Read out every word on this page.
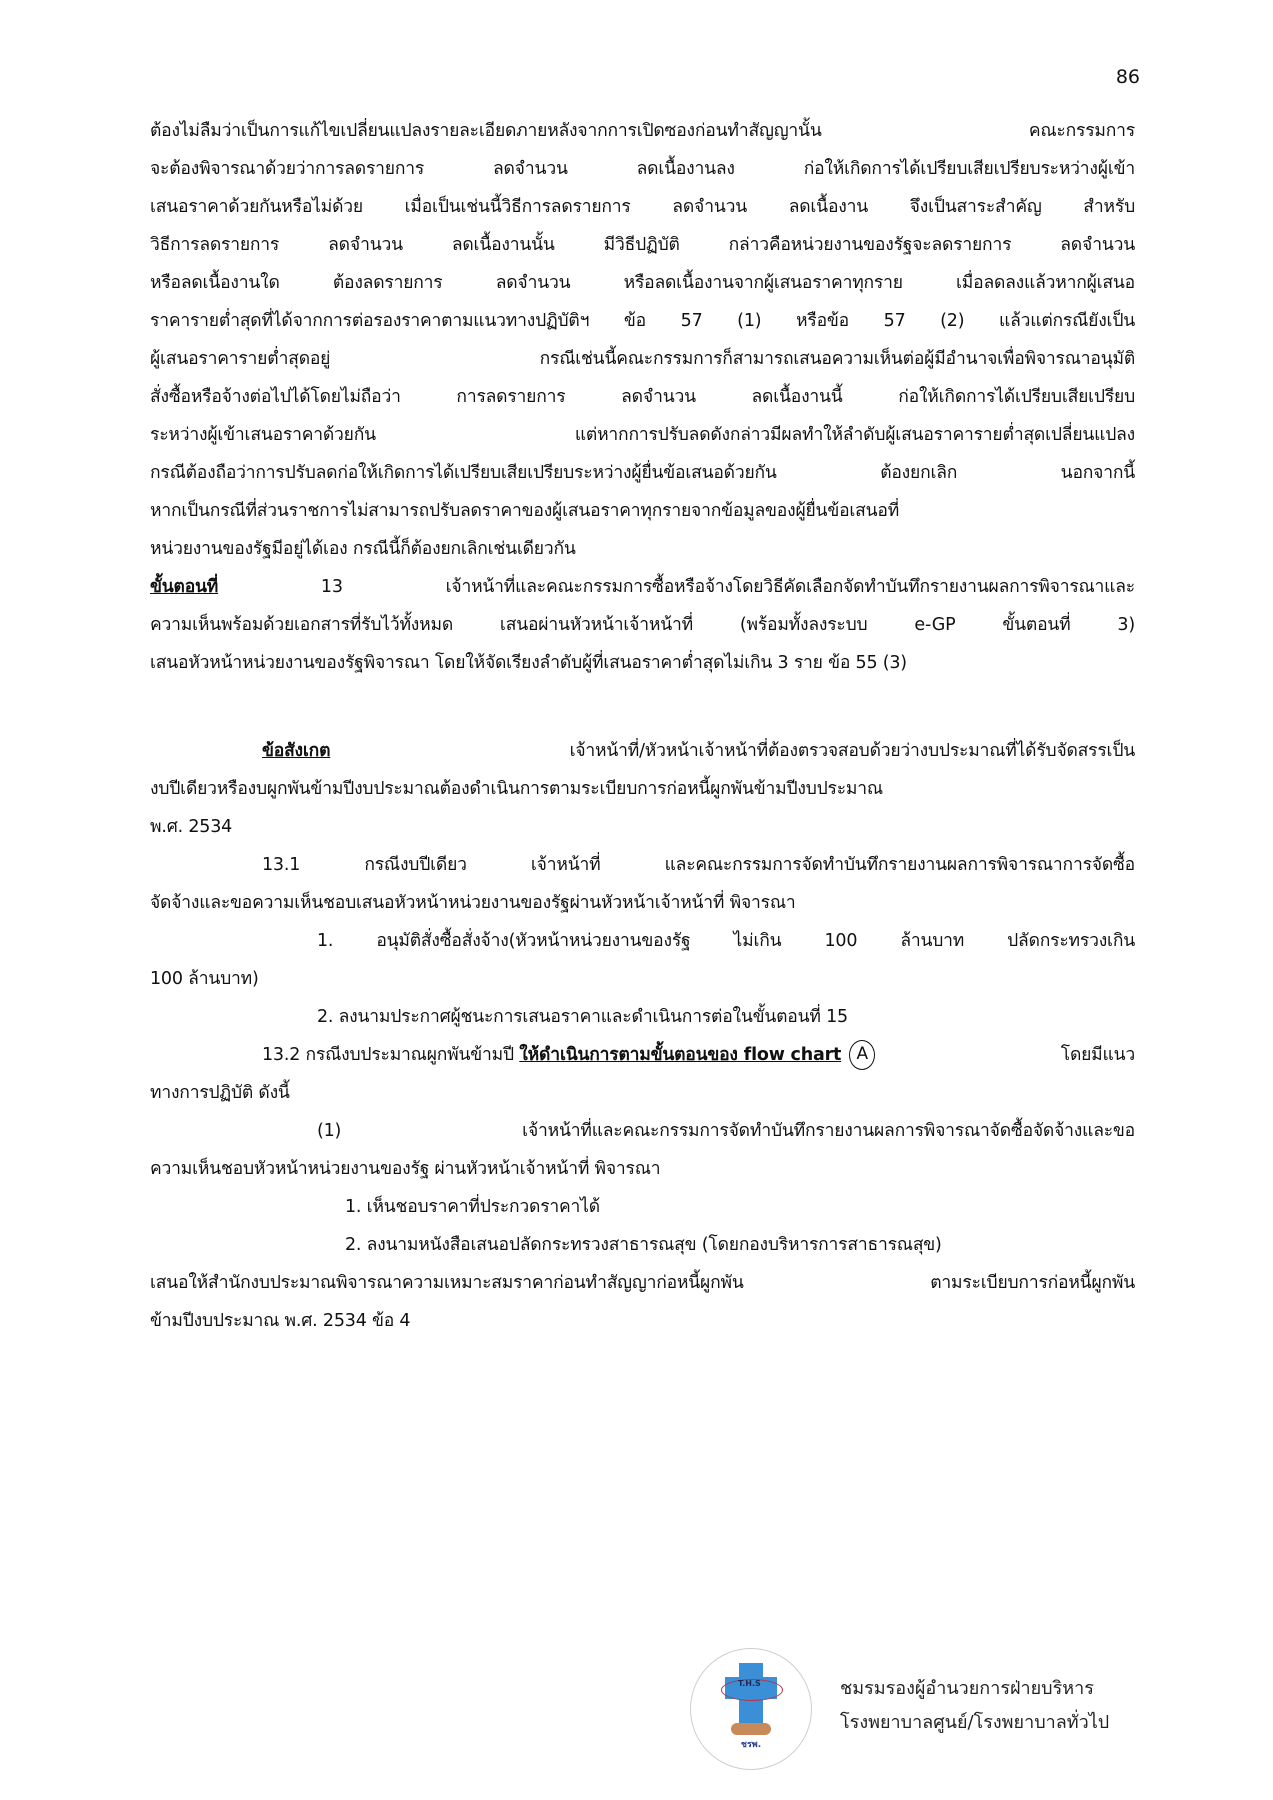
86
ต้องไม่ลืมว่าเป็นการแก้ไขเปลี่ยนแปลงรายละเอียดภายหลังจากการเปิดซองก่อนทำสัญญานั้น คณะกรรมการ
จะต้องพิจารณาด้วยว่าการลดรายการ ลดจำนวน ลดเนื้องานลง ก่อให้เกิดการได้เปรียบเสียเปรียบระหว่างผู้เข้า
เสนอราคาด้วยกันหรือไม่ด้วย เมื่อเป็นเช่นนี้วิธีการลดรายการ ลดจำนวน ลดเนื้องาน จึงเป็นสาระสำคัญ สำหรับ
วิธีการลดรายการ ลดจำนวน ลดเนื้องานนั้น มีวิธีปฏิบัติ กล่าวคือหน่วยงานของรัฐจะลดรายการ ลดจำนวน
หรือลดเนื้องานใด ต้องลดรายการ ลดจำนวน หรือลดเนื้องานจากผู้เสนอราคาทุกราย เมื่อลดลงแล้วหากผู้เสนอ
ราคารายต่ำสุดที่ได้จากการต่อรองราคาตามแนวทางปฏิบัติฯ ข้อ 57 (1) หรือข้อ 57 (2) แล้วแต่กรณียังเป็น
ผู้เสนอราคารายต่ำสุดอยู่ กรณีเช่นนี้คณะกรรมการก็สามารถเสนอความเห็นต่อผู้มีอำนาจเพื่อพิจารณาอนุมัติ
สั่งซื้อหรือจ้างต่อไปได้โดยไม่ถือว่า การลดรายการ ลดจำนวน ลดเนื้องานนี้ ก่อให้เกิดการได้เปรียบเสียเปรียบ
ระหว่างผู้เข้าเสนอราคาด้วยกัน แต่หากการปรับลดดังกล่าวมีผลทำให้ลำดับผู้เสนอราคารายต่ำสุดเปลี่ยนแปลง
กรณีต้องถือว่าการปรับลดก่อให้เกิดการได้เปรียบเสียเปรียบระหว่างผู้ยื่นข้อเสนอด้วยกัน ต้องยกเลิก นอกจากนี้
หากเป็นกรณีที่ส่วนราชการไม่สามารถปรับลดราคาของผู้เสนอราคาทุกรายจากข้อมูลของผู้ยื่นข้อเสนอที่
หน่วยงานของรัฐมีอยู่ได้เอง กรณีนี้ก็ต้องยกเลิกเช่นเดียวกัน
ขั้นตอนที่ 13 เจ้าหน้าที่และคณะกรรมการซื้อหรือจ้างโดยวิธีคัดเลือกจัดทำบันทึกรายงานผลการพิจารณาและ
ความเห็นพร้อมด้วยเอกสารที่รับไว้ทั้งหมด เสนอผ่านหัวหน้าเจ้าหน้าที่ (พร้อมทั้งลงระบบ e-GP ขั้นตอนที่ 3)
เสนอหัวหน้าหน่วยงานของรัฐพิจารณา โดยให้จัดเรียงลำดับผู้ที่เสนอราคาต่ำสุดไม่เกิน 3 ราย ข้อ 55 (3)
ข้อสังเกต เจ้าหน้าที่/หัวหน้าเจ้าหน้าที่ต้องตรวจสอบด้วยว่างบประมาณที่ได้รับจัดสรรเป็น
งบปีเดียวหรืองบผูกพันข้ามปีงบประมาณต้องดำเนินการตามระเบียบการก่อหนี้ผูกพันข้ามปีงบประมาณ
พ.ศ. 2534
13.1 กรณีงบปีเดียว เจ้าหน้าที่ และคณะกรรมการจัดทำบันทึกรายงานผลการพิจารณาการจัดซื้อ
จัดจ้างและขอความเห็นชอบเสนอหัวหน้าหน่วยงานของรัฐผ่านหัวหน้าเจ้าหน้าที่ พิจารณา
1. อนุมัติสั่งซื้อสั่งจ้าง(หัวหน้าหน่วยงานของรัฐ ไม่เกิน 100 ล้านบาท ปลัดกระทรวงเกิน
100 ล้านบาท)
2. ลงนามประกาศผู้ชนะการเสนอราคาและดำเนินการต่อในขั้นตอนที่ 15
13.2 กรณีงบประมาณผูกพันข้ามปี ให้ดำเนินการตามขั้นตอนของ flow chart A	โดยมีแนว
ทางการปฏิบัติ ดังนี้
(1) เจ้าหน้าที่และคณะกรรมการจัดทำบันทึกรายงานผลการพิจารณาจัดซื้อจัดจ้างและขอ
ความเห็นชอบหัวหน้าหน่วยงานของรัฐ ผ่านหัวหน้าเจ้าหน้าที่ พิจารณา
1. เห็นชอบราคาที่ประกวดราคาได้
2. ลงนามหนังสือเสนอปลัดกระทรวงสาธารณสุข (โดยกองบริหารการสาธารณสุข)
เสนอให้สำนักงบประมาณพิจารณาความเหมาะสมราคาก่อนทำสัญญาก่อหนี้ผูกพัน ตามระเบียบการก่อหนี้ผูกพัน
ข้ามปีงบประมาณ พ.ศ. 2534 ข้อ 4
T.H.S
ชรพ.
ชมรมรองผู้อำนวยการฝ่ายบริหาร
โรงพยาบาลศูนย์/โรงพยาบาลทั่วไป
